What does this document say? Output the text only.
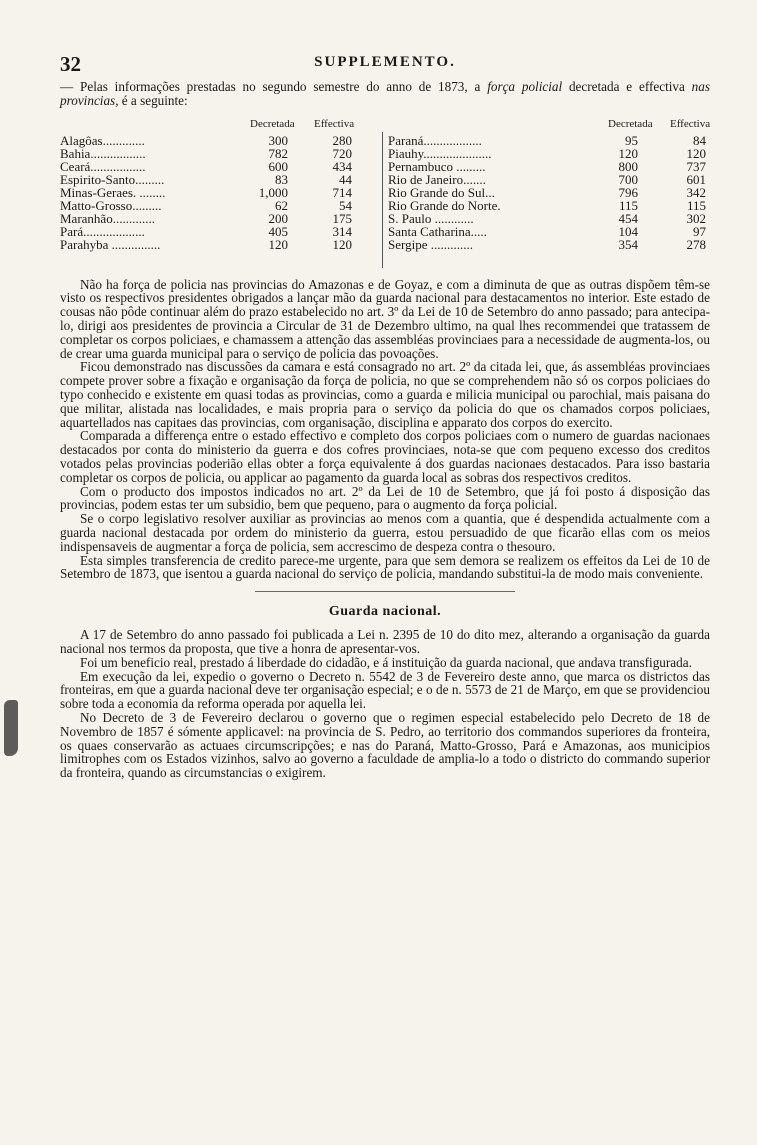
32	SUPPLEMENTO.

— Pelas informações prestadas no segundo semestre do anno de 1873, a força policial decretada e effectiva nas provincias, é a seguinte:

Decretada Effectiva
Alagôas.............	300	280
Bahia.................	782	720
Ceará.................	600	434
Espirito-Santo.........	83	44
Minas-Geraes. ........	1,000	714
Matto-Grosso.........	62	54
Maranhão.............	200	175
Pará...................	405	314
Parahyba ...............	120	120
Decretada Effectiva
Paraná..................	95	84
Piauhy.....................	120	120
Pernambuco .........	800	737
Rio de Janeiro.......	700	601
Rio Grande do Sul...	796	342
Rio Grande do Norte.	115	115
S. Paulo ............	454	302
Santa Catharina.....	104	97
Sergipe .............	354	278

Não ha força de policia nas provincias do Amazonas e de Goyaz, e com a diminuta de que as outras dispõem têm-se visto os respectivos presidentes obrigados a lançar mão da guarda nacional para destacamentos no interior. Este estado de cousas não pôde continuar além do prazo estabelecido no art. 3º da Lei de 10 de Setembro do anno passado; para antecipa-lo, dirigi aos presidentes de provincia a Circular de 31 de Dezembro ultimo, na qual lhes recommendei que tratassem de completar os corpos policiaes, e chamassem a attenção das assembléas provinciaes para a necessidade de augmenta-los, ou de crear uma guarda municipal para o serviço de policia das povoações.

Ficou demonstrado nas discussões da camara e está consagrado no art. 2º da citada lei, que, ás assembléas provinciaes compete prover sobre a fixação e organisação da força de policia, no que se comprehendem não só os corpos policiaes do typo conhecido e existente em quasi todas as provincias, como a guarda e milicia municipal ou parochial, mais paisana do que militar, alistada nas localidades, e mais propria para o serviço da policia do que os chamados corpos policiaes, aquartellados nas capitaes das provincias, com organisação, disciplina e apparato dos corpos do exercito.

Comparada a differença entre o estado effectivo e completo dos corpos policiaes com o numero de guardas nacionaes destacados por conta do ministerio da guerra e dos cofres provinciaes, nota-se que com pequeno excesso dos creditos votados pelas provincias poderião ellas obter a força equivalente á dos guardas nacionaes destacados. Para isso bastaria completar os corpos de policia, ou applicar ao pagamento da guarda local as sobras dos respectivos creditos.

Com o producto dos impostos indicados no art. 2º da Lei de 10 de Setembro, que já foi posto á disposição das provincias, podem estas ter um subsidio, bem que pequeno, para o augmento da força policial.

Se o corpo legislativo resolver auxiliar as provincias ao menos com a quantia, que é despendida actualmente com a guarda nacional destacada por ordem do ministerio da guerra, estou persuadido de que ficarão ellas com os meios indispensaveis de augmentar a força de policia, sem accrescimo de despeza contra o thesouro.

Esta simples transferencia de credito parece-me urgente, para que sem demora se realizem os effeitos da Lei de 10 de Setembro de 1873, que isentou a guarda nacional do serviço de policia, mandando substitui-la de modo mais conveniente.

Guarda nacional.

A 17 de Setembro do anno passado foi publicada a Lei n. 2395 de 10 do dito mez, alterando a organisação da guarda nacional nos termos da proposta, que tive a honra de apresentar-vos.

Foi um beneficio real, prestado á liberdade do cidadão, e á instituição da guarda nacional, que andava transfigurada.

Em execução da lei, expedio o governo o Decreto n. 5542 de 3 de Fevereiro deste anno, que marca os districtos das fronteiras, em que a guarda nacional deve ter organisação especial; e o de n. 5573 de 21 de Março, em que se providenciou sobre toda a economia da reforma operada por aquella lei.

No Decreto de 3 de Fevereiro declarou o governo que o regimen especial estabelecido pelo Decreto de 18 de Novembro de 1857 é sómente applicavel: na provincia de S. Pedro, ao territorio dos commandos superiores da fronteira, os quaes conservarão as actuaes circumscripções; e nas do Paraná, Matto-Grosso, Pará e Amazonas, aos municipios limitrophes com os Estados vizinhos, salvo ao governo a faculdade de amplia-lo a todo o districto do commando superior da fronteira, quando as circumstancias o exigirem.
